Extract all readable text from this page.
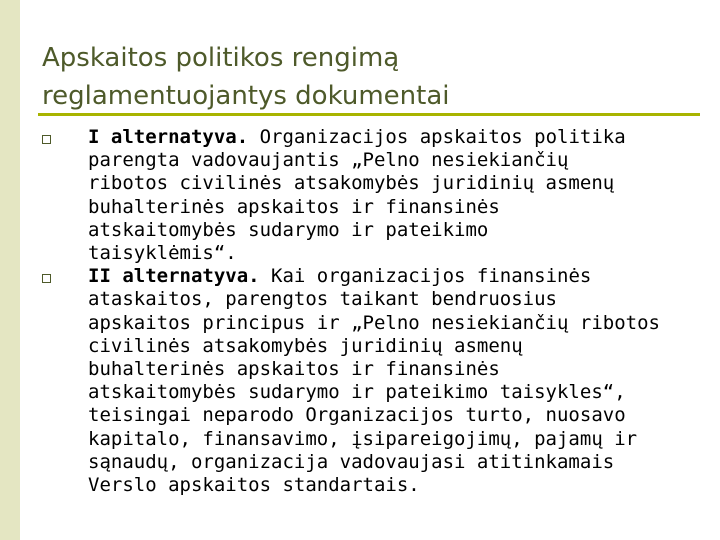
Apskaitos politikos rengimą
reglamentuojantys dokumentai
I alternatyva. Organizacijos apskaitos politika
parengta vadovaujantis „Pelno nesiekiančių
ribotos civilinės atsakomybės juridinių asmenų
buhalterinės apskaitos ir finansinės
atskaitomybės sudarymo ir pateikimo
taisyklėmis“.
II alternatyva. Kai organizacijos finansinės
ataskaitos, parengtos taikant bendruosius
apskaitos principus ir „Pelno nesiekiančių ribotos
civilinės atsakomybės juridinių asmenų
buhalterinės apskaitos ir finansinės
atskaitomybės sudarymo ir pateikimo taisykles“,
teisingai neparodo Organizacijos turto, nuosavo
kapitalo, finansavimo, įsipareigojimų, pajamų ir
sąnaudų, organizacija vadovaujasi atitinkamais
Verslo apskaitos standartais.
